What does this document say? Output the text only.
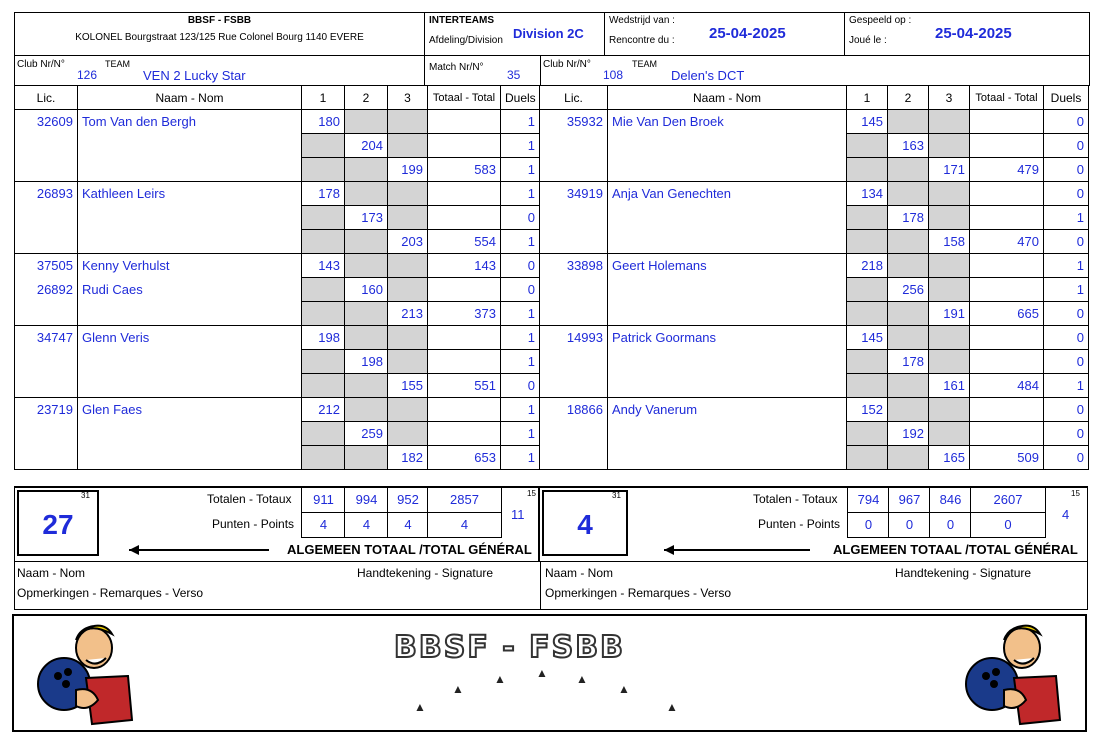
BBSF - FSBB
KOLONEL Bourgstraat 123/125 Rue Colonel Bourg 1140 EVERE
INTERTEAMS
Afdeling/Division Division 2C
Wedstrijd van :
Rencontre du : 25-04-2025
Gespeeld op :
Joué le :	25-04-2025
Club Nr/N°
126
TEAM
VEN 2 Lucky Star
Match Nr/N°
35
Club Nr/N°
108
TEAM
Delen's DCT
Lic.	Naam - Nom	1	2	3	Totaal - Total	Duels
32609	Tom Van den Bergh	180				1
			204			1
				199	583	1
26893	Kathleen Leirs	178				1
			173			0
				203	554	1
37505	Kenny Verhulst	143			143	0
26892	Rudi Caes		160			0
				213	373	1
34747	Glenn Veris	198				1
			198			1
				155	551	0
23719	Glen Faes	212				1
			259			1
				182	653	1
Lic.	Naam - Nom	1	2	3	Totaal - Total	Duels
35932	Mie Van Den Broek	145				0
			163			0
				171	479	0
34919	Anja Van Genechten	134				0
			178			1
				158	470	0
33898	Geert Holemans	218				1
			256			1
				191	665	0
14993	Patrick Goormans	145				0
			178			0
				161	484	1
18866	Andy Vanerum	152				0
			192			0
				165	509	0
27
31	Totalen - Totaux
Punten - Points
911	994	952	2857
4	4	4	4
15
11
ALGEMEEN TOTAAL /TOTAL GÉNÉRAL
4
31	Totalen - Totaux
Punten - Points
794	967	846	2607
0	0	0	0
15
4
ALGEMEEN TOTAAL /TOTAL GÉNÉRAL
Naam - Nom	Handtekening - Signature
Opmerkingen - Remarques - Verso
Naam - Nom	Handtekening - Signature
Opmerkingen - Remarques - Verso
BBSF - FSBB
▲
▲
▲	▲ ▲
▲
▲
